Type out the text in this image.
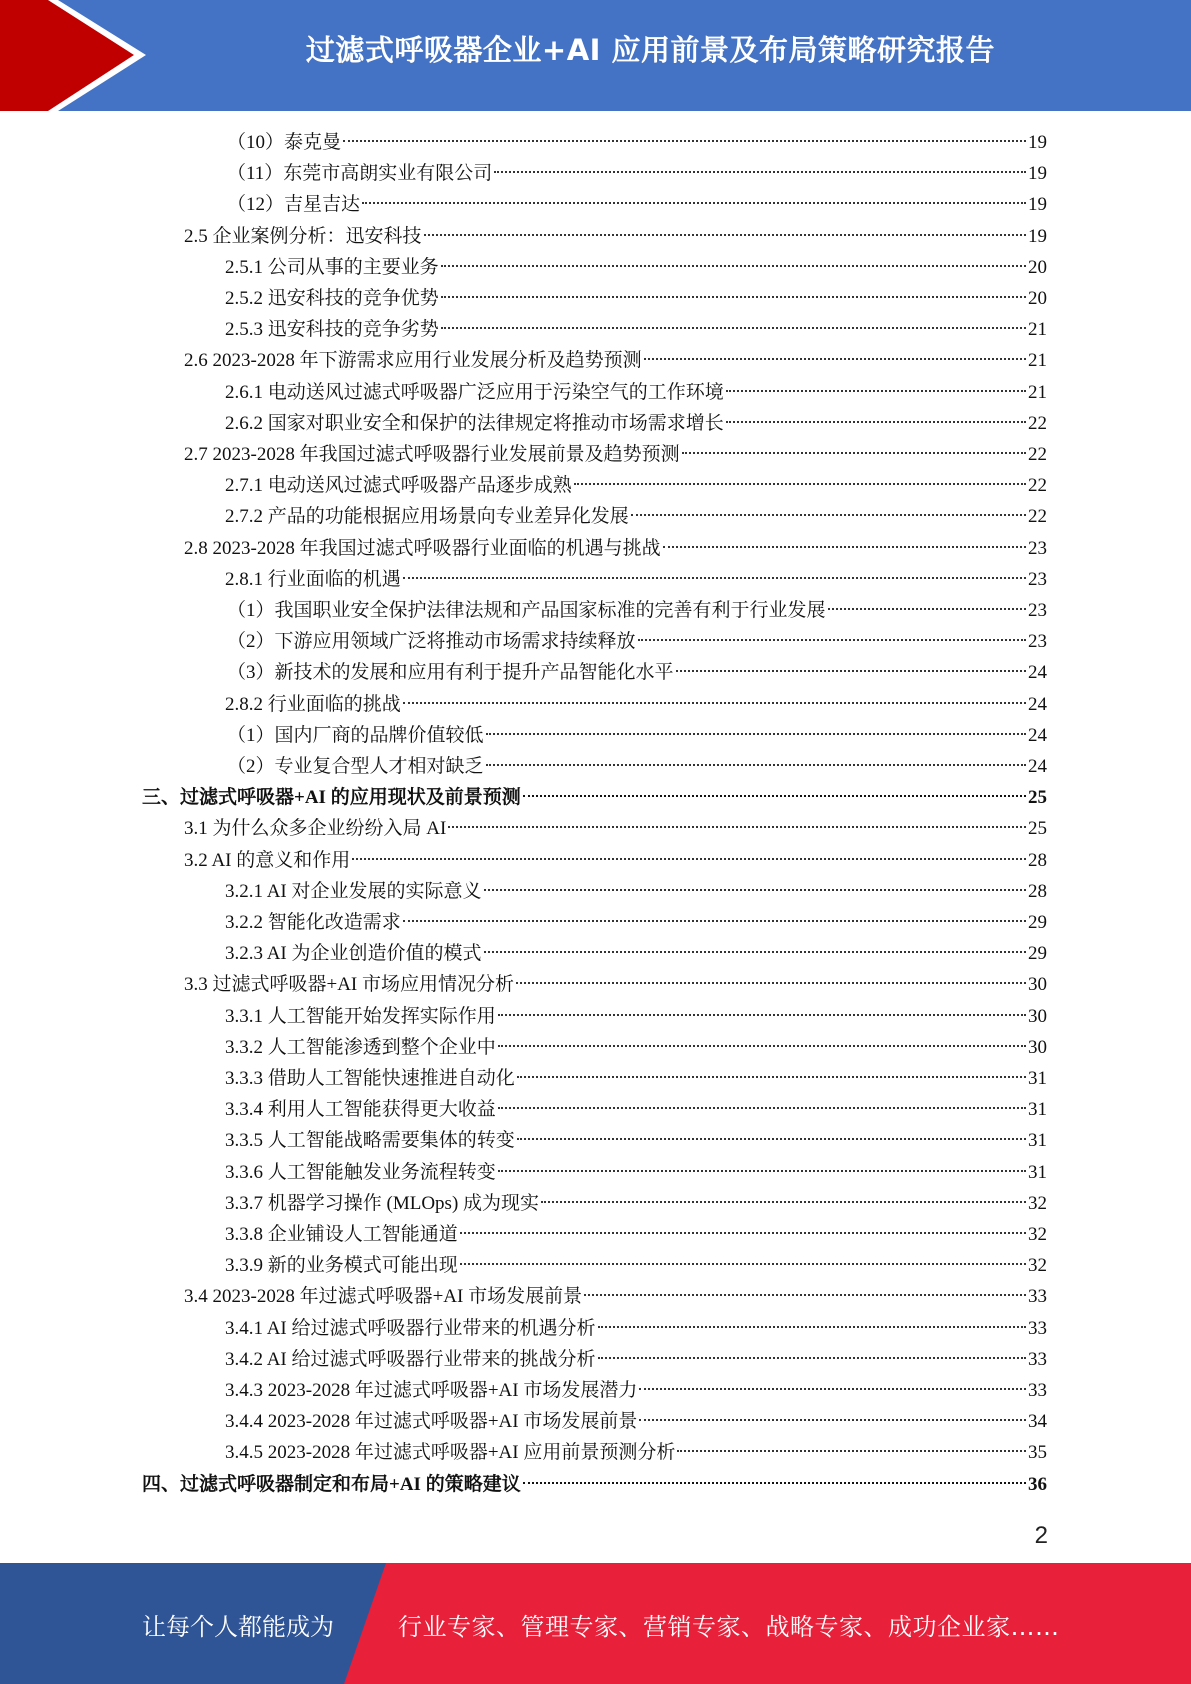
过滤式呼吸器企业+AI 应用前景及布局策略研究报告
（10）泰克曼	19
（11）东莞市高朗实业有限公司	19
（12）吉星吉达	19
2.5 企业案例分析：迅安科技	19
2.5.1 公司从事的主要业务	20
2.5.2 迅安科技的竞争优势	20
2.5.3 迅安科技的竞争劣势	21
2.6 2023-2028 年下游需求应用行业发展分析及趋势预测	21
2.6.1 电动送风过滤式呼吸器广泛应用于污染空气的工作环境	21
2.6.2 国家对职业安全和保护的法律规定将推动市场需求增长	22
2.7 2023-2028 年我国过滤式呼吸器行业发展前景及趋势预测	22
2.7.1 电动送风过滤式呼吸器产品逐步成熟	22
2.7.2 产品的功能根据应用场景向专业差异化发展	22
2.8 2023-2028 年我国过滤式呼吸器行业面临的机遇与挑战	23
2.8.1 行业面临的机遇	23
（1）我国职业安全保护法律法规和产品国家标准的完善有利于行业发展	23
（2）下游应用领域广泛将推动市场需求持续释放	23
（3）新技术的发展和应用有利于提升产品智能化水平	24
2.8.2 行业面临的挑战	24
（1）国内厂商的品牌价值较低	24
（2）专业复合型人才相对缺乏	24
三、过滤式呼吸器+AI 的应用现状及前景预测	25
3.1 为什么众多企业纷纷入局 AI	25
3.2 AI 的意义和作用	28
3.2.1 AI 对企业发展的实际意义	28
3.2.2 智能化改造需求	29
3.2.3 AI 为企业创造价值的模式	29
3.3 过滤式呼吸器+AI 市场应用情况分析	30
3.3.1 人工智能开始发挥实际作用	30
3.3.2 人工智能渗透到整个企业中	30
3.3.3 借助人工智能快速推进自动化	31
3.3.4 利用人工智能获得更大收益	31
3.3.5 人工智能战略需要集体的转变	31
3.3.6 人工智能触发业务流程转变	31
3.3.7 机器学习操作 (MLOps) 成为现实	32
3.3.8 企业铺设人工智能通道	32
3.3.9 新的业务模式可能出现	32
3.4 2023-2028 年过滤式呼吸器+AI 市场发展前景	33
3.4.1 AI 给过滤式呼吸器行业带来的机遇分析	33
3.4.2 AI 给过滤式呼吸器行业带来的挑战分析	33
3.4.3 2023-2028 年过滤式呼吸器+AI 市场发展潜力	33
3.4.4 2023-2028 年过滤式呼吸器+AI 市场发展前景	34
3.4.5 2023-2028 年过滤式呼吸器+AI 应用前景预测分析	35
四、过滤式呼吸器制定和布局+AI 的策略建议	36
2
让每个人都能成为	行业专家、管理专家、营销专家、战略专家、成功企业家……
